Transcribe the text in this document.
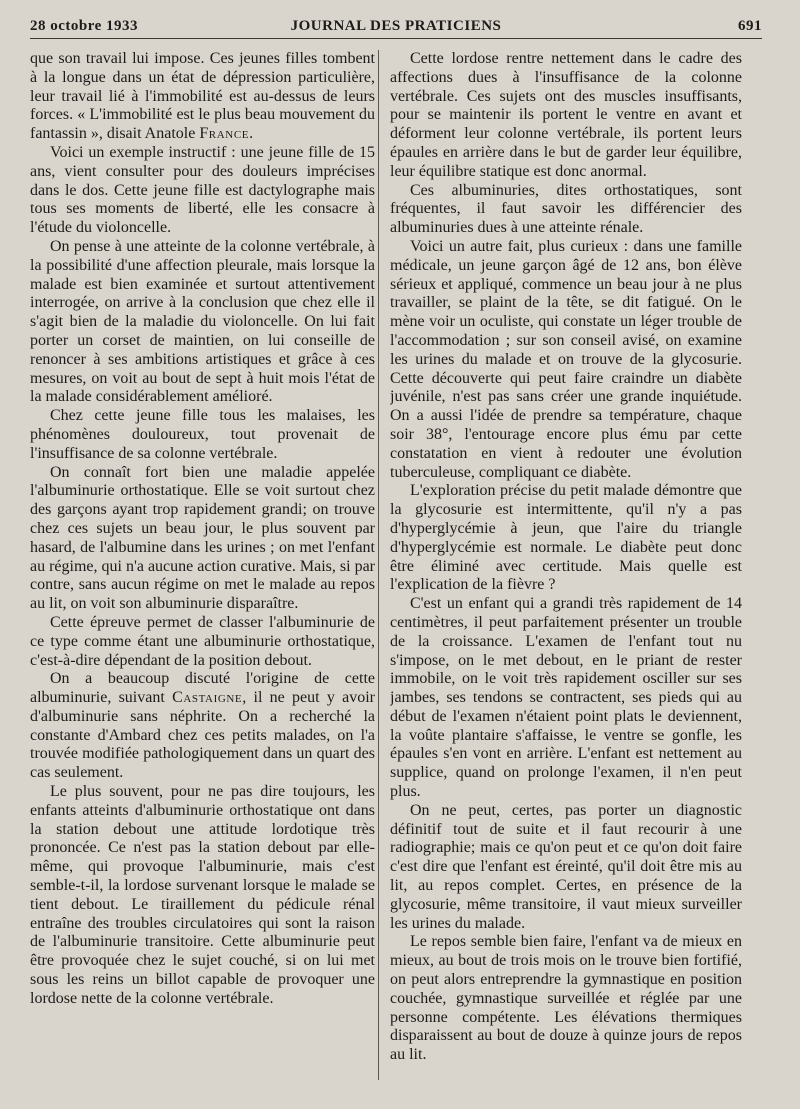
28 octobre 1933	JOURNAL DES PRATICIENS	691

que son travail lui impose. Ces jeunes filles tombent à la longue dans un état de dépression particulière, leur travail lié à l'immobilité est au-dessus de leurs forces. « L'immobilité est le plus beau mouvement du fantassin », disait Anatole France.

Voici un exemple instructif : une jeune fille de 15 ans, vient consulter pour des douleurs imprécises dans le dos. Cette jeune fille est dactylographe mais tous ses moments de liberté, elle les consacre à l'étude du violoncelle.

On pense à une atteinte de la colonne vertébrale, à la possibilité d'une affection pleurale, mais lorsque la malade est bien examinée et surtout attentivement interrogée, on arrive à la conclusion que chez elle il s'agit bien de la maladie du violoncelle. On lui fait porter un corset de maintien, on lui conseille de renoncer à ses ambitions artistiques et grâce à ces mesures, on voit au bout de sept à huit mois l'état de la malade considérablement amélioré.

Chez cette jeune fille tous les malaises, les phénomènes douloureux, tout provenait de l'insuffisance de sa colonne vertébrale.

On connaît fort bien une maladie appelée l'albuminurie orthostatique. Elle se voit surtout chez des garçons ayant trop rapidement grandi; on trouve chez ces sujets un beau jour, le plus souvent par hasard, de l'albumine dans les urines ; on met l'enfant au régime, qui n'a aucune action curative. Mais, si par contre, sans aucun régime on met le malade au repos au lit, on voit son albuminurie disparaître.

Cette épreuve permet de classer l'albuminurie de ce type comme étant une albuminurie orthostatique, c'est-à-dire dépendant de la position debout.

On a beaucoup discuté l'origine de cette albuminurie, suivant Castaigne, il ne peut y avoir d'albuminurie sans néphrite. On a recherché la constante d'Ambard chez ces petits malades, on l'a trouvée modifiée pathologiquement dans un quart des cas seulement.

Le plus souvent, pour ne pas dire toujours, les enfants atteints d'albuminurie orthostatique ont dans la station debout une attitude lordotique très prononcée. Ce n'est pas la station debout par elle-même, qui provoque l'albuminurie, mais c'est semble-t-il, la lordose survenant lorsque le malade se tient debout. Le tiraillement du pédicule rénal entraîne des troubles circulatoires qui sont la raison de l'albuminurie transitoire. Cette albuminurie peut être provoquée chez le sujet couché, si on lui met sous les reins un billot capable de provoquer une lordose nette de la colonne vertébrale.

Cette lordose rentre nettement dans le cadre des affections dues à l'insuffisance de la colonne vertébrale. Ces sujets ont des muscles insuffisants, pour se maintenir ils portent le ventre en avant et déforment leur colonne vertébrale, ils portent leurs épaules en arrière dans le but de garder leur équilibre, leur équilibre statique est donc anormal.

Ces albuminuries, dites orthostatiques, sont fréquentes, il faut savoir les différencier des albuminuries dues à une atteinte rénale.

Voici un autre fait, plus curieux : dans une famille médicale, un jeune garçon âgé de 12 ans, bon élève sérieux et appliqué, commence un beau jour à ne plus travailler, se plaint de la tête, se dit fatigué. On le mène voir un oculiste, qui constate un léger trouble de l'accommodation ; sur son conseil avisé, on examine les urines du malade et on trouve de la glycosurie. Cette découverte qui peut faire craindre un diabète juvénile, n'est pas sans créer une grande inquiétude. On a aussi l'idée de prendre sa température, chaque soir 38°, l'entourage encore plus ému par cette constatation en vient à redouter une évolution tuberculeuse, compliquant ce diabète.

L'exploration précise du petit malade démontre que la glycosurie est intermittente, qu'il n'y a pas d'hyperglycémie à jeun, que l'aire du triangle d'hyperglycémie est normale. Le diabète peut donc être éliminé avec certitude. Mais quelle est l'explication de la fièvre ?

C'est un enfant qui a grandi très rapidement de 14 centimètres, il peut parfaitement présenter un trouble de la croissance. L'examen de l'enfant tout nu s'impose, on le met debout, en le priant de rester immobile, on le voit très rapidement osciller sur ses jambes, ses tendons se contractent, ses pieds qui au début de l'examen n'étaient point plats le deviennent, la voûte plantaire s'affaisse, le ventre se gonfle, les épaules s'en vont en arrière. L'enfant est nettement au supplice, quand on prolonge l'examen, il n'en peut plus.

On ne peut, certes, pas porter un diagnostic définitif tout de suite et il faut recourir à une radiographie; mais ce qu'on peut et ce qu'on doit faire c'est dire que l'enfant est éreinté, qu'il doit être mis au lit, au repos complet. Certes, en présence de la glycosurie, même transitoire, il vaut mieux surveiller les urines du malade.

Le repos semble bien faire, l'enfant va de mieux en mieux, au bout de trois mois on le trouve bien fortifié, on peut alors entreprendre la gymnastique en position couchée, gymnastique surveillée et réglée par une personne compétente. Les élévations thermiques disparaissent au bout de douze à quinze jours de repos au lit.
